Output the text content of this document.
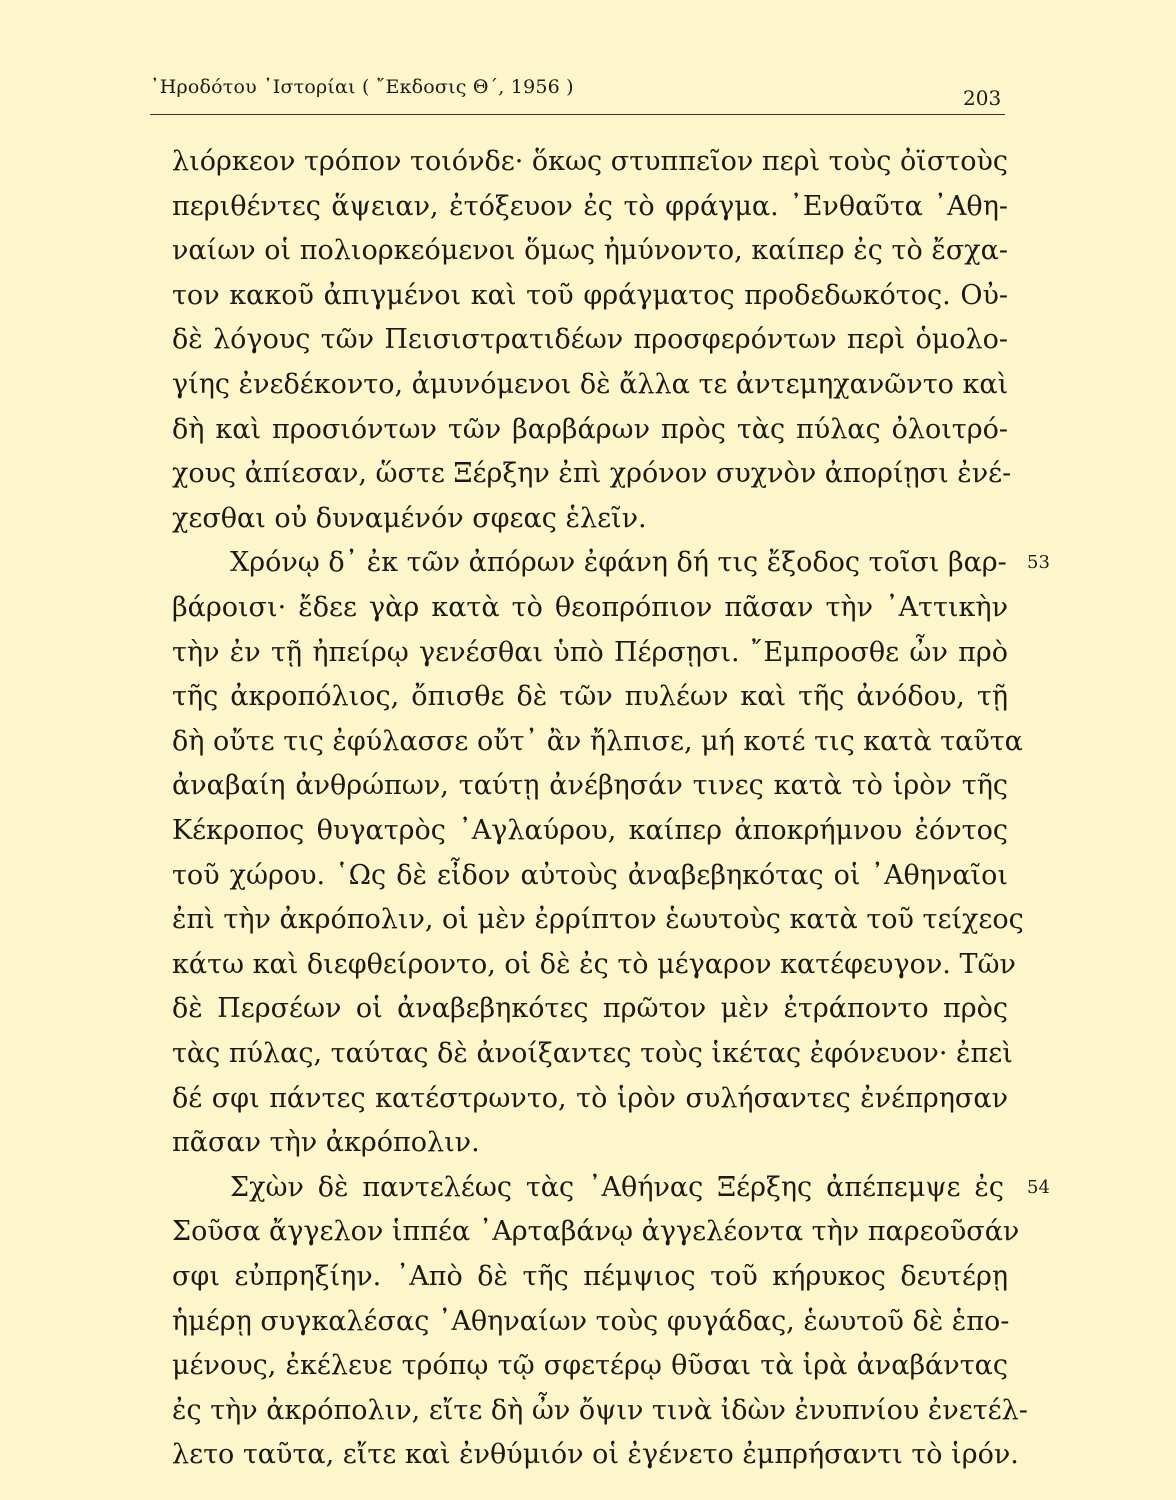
᾽Ηροδότου ᾽Ιστορίαι ( ῎Εκδοσις Θ΄, 1956 )	203
λιόρκεον τρόπον τοιόνδε· ὅκως στυππεῖον περὶ τοὺς ὀϊστοὺς
περιθέντες ἅψειαν, ἐτόξευον ἐς τὸ φράγμα. ᾽Ενθαῦτα ᾽Αθη-
ναίων οἱ πολιορκεόμενοι ὅμως ἠμύνοντο, καίπερ ἐς τὸ ἔσχα-
τον κακοῦ ἀπιγμένοι καὶ τοῦ φράγματος προδεδωκότος. Οὐ-
δὲ λόγους τῶν Πεισιστρατιδέων προσφερόντων περὶ ὁμολο-
γίης ἐνεδέκοντο, ἀμυνόμενοι δὲ ἄλλα τε ἀντεμηχανῶντο καὶ
δὴ καὶ προσιόντων τῶν βαρβάρων πρὸς τὰς πύλας ὀλοιτρό-
χους ἀπίεσαν, ὥστε Ξέρξην ἐπὶ χρόνον συχνὸν ἀπορίῃσι ἐνέ-
χεσθαι οὐ δυναμένόν σφεας ἑλεῖν.
Χρόνῳ δ᾽ ἐκ τῶν ἀπόρων ἐφάνη δή τις ἔξοδος τοῖσι βαρ- 53
βάροισι· ἔδεε γὰρ κατὰ τὸ θεοπρόπιον πᾶσαν τὴν ᾽Αττικὴν
τὴν ἐν τῇ ἠπείρῳ γενέσθαι ὑπὸ Πέρσῃσι. ῎Εμπροσθε ὦν πρὸ
τῆς ἀκροπόλιος, ὄπισθε δὲ τῶν πυλέων καὶ τῆς ἀνόδου, τῇ
δὴ οὔτε τις ἐφύλασσε οὔτ᾽ ἂν ἤλπισε, μή κοτέ τις κατὰ ταῦτα
ἀναβαίη ἀνθρώπων, ταύτῃ ἀνέβησάν τινες κατὰ τὸ ἱρὸν τῆς
Κέκροπος θυγατρὸς ᾽Αγλαύρου, καίπερ ἀποκρήμνου ἐόντος
τοῦ χώρου. ῾Ως δὲ εἶδον αὐτοὺς ἀναβεβηκότας οἱ ᾽Αθηναῖοι
ἐπὶ τὴν ἀκρόπολιν, οἱ μὲν ἐρρίπτον ἑωυτοὺς κατὰ τοῦ τείχεος
κάτω καὶ διεφθείροντο, οἱ δὲ ἐς τὸ μέγαρον κατέφευγον. Τῶν
δὲ Περσέων οἱ ἀναβεβηκότες πρῶτον μὲν ἐτράποντο πρὸς
τὰς πύλας, ταύτας δὲ ἀνοίξαντες τοὺς ἱκέτας ἐφόνευον· ἐπεὶ
δέ σφι πάντες κατέστρωντο, τὸ ἱρὸν συλήσαντες ἐνέπρησαν
πᾶσαν τὴν ἀκρόπολιν.
Σχὼν δὲ παντελέως τὰς ᾽Αθήνας Ξέρξης ἀπέπεμψε ἐς 54
Σοῦσα ἄγγελον ἱππέα ᾽Αρταβάνῳ ἀγγελέοντα τὴν παρεοῦσάν
σφι εὐπρηξίην. ᾽Απὸ δὲ τῆς πέμψιος τοῦ κήρυκος δευτέρῃ
ἡμέρῃ συγκαλέσας ᾽Αθηναίων τοὺς φυγάδας, ἑωυτοῦ δὲ ἑπο-
μένους, ἐκέλευε τρόπῳ τῷ σφετέρῳ θῦσαι τὰ ἱρὰ ἀναβάντας
ἐς τὴν ἀκρόπολιν, εἴτε δὴ ὦν ὄψιν τινὰ ἰδὼν ἐνυπνίου ἐνετέλ-
λετο ταῦτα, εἴτε καὶ ἐνθύμιόν οἱ ἐγένετο ἐμπρήσαντι τὸ ἱρόν.
